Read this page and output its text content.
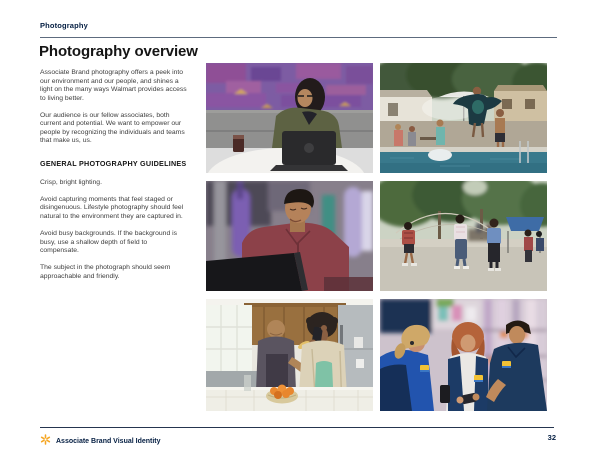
Photography
Photography overview

Associate Brand photography offers a peek into our environment and our people, and shines a light on the many ways Walmart provides access to living better.

Our audience is our fellow associates, both current and potential. We want to empower our people by recognizing the individuals and teams that make us, us.

GENERAL PHOTOGRAPHY GUIDELINES

Crisp, bright lighting.

Avoid capturing moments that feel staged or disingenuous. Lifestyle photography should feel natural to the environment they are captured in.

Avoid busy backgrounds. If the background is busy, use a shallow depth of field to compensate.

The subject in the photograph should seem approachable and friendly.

Associate Brand Visual Identity	32
